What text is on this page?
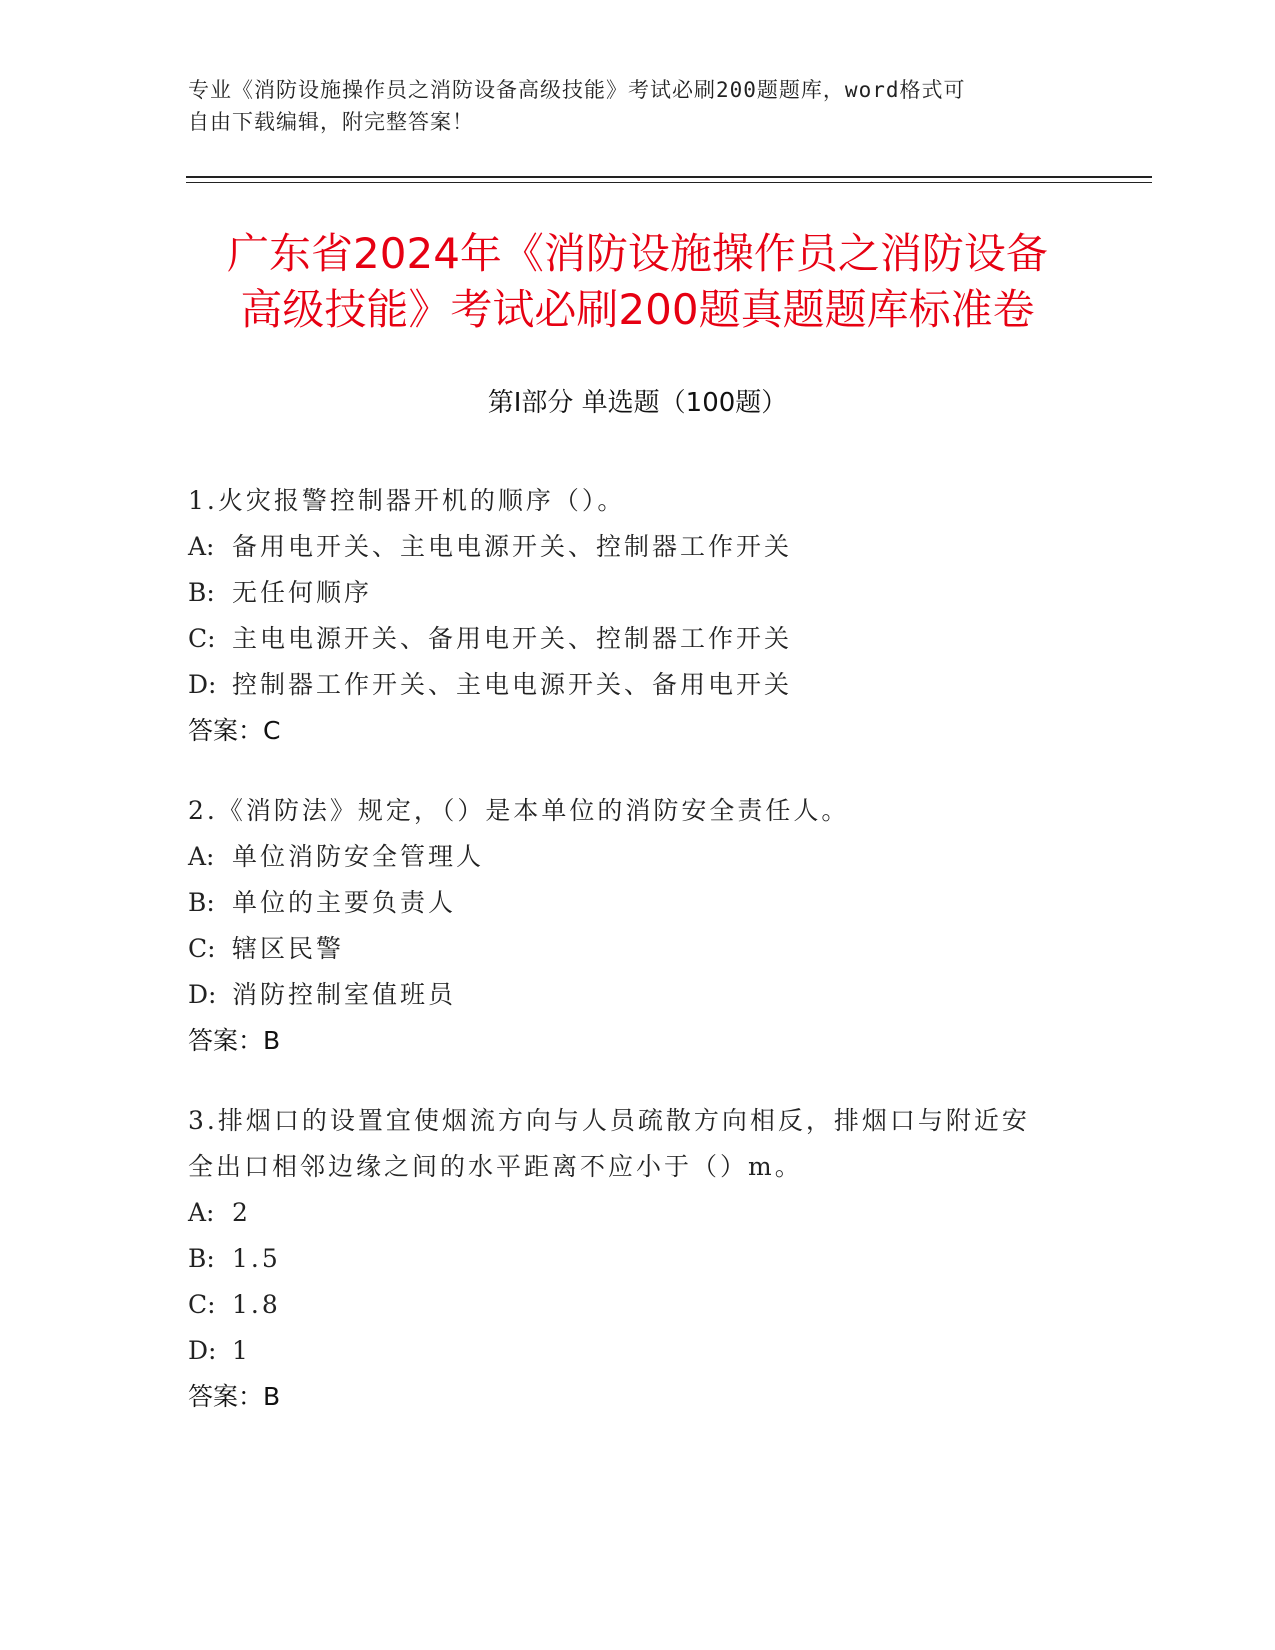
专业《消防设施操作员之消防设备高级技能》考试必刷200题题库，word格式可
自由下载编辑，附完整答案！
广东省2024年《消防设施操作员之消防设备
高级技能》考试必刷200题真题题库标准卷
第Ⅰ部分 单选题（100题）
1.火灾报警控制器开机的顺序（）。
A: 备用电开关、主电电源开关、控制器工作开关
B: 无任何顺序
C: 主电电源开关、备用电开关、控制器工作开关
D: 控制器工作开关、主电电源开关、备用电开关
答案：C
2.《消防法》规定，（）是本单位的消防安全责任人。
A: 单位消防安全管理人
B: 单位的主要负责人
C: 辖区民警
D: 消防控制室值班员
答案：B
3.排烟口的设置宜使烟流方向与人员疏散方向相反，排烟口与附近安
全出口相邻边缘之间的水平距离不应小于（）m。
A: 2
B: 1.5
C: 1.8
D: 1
答案：B
